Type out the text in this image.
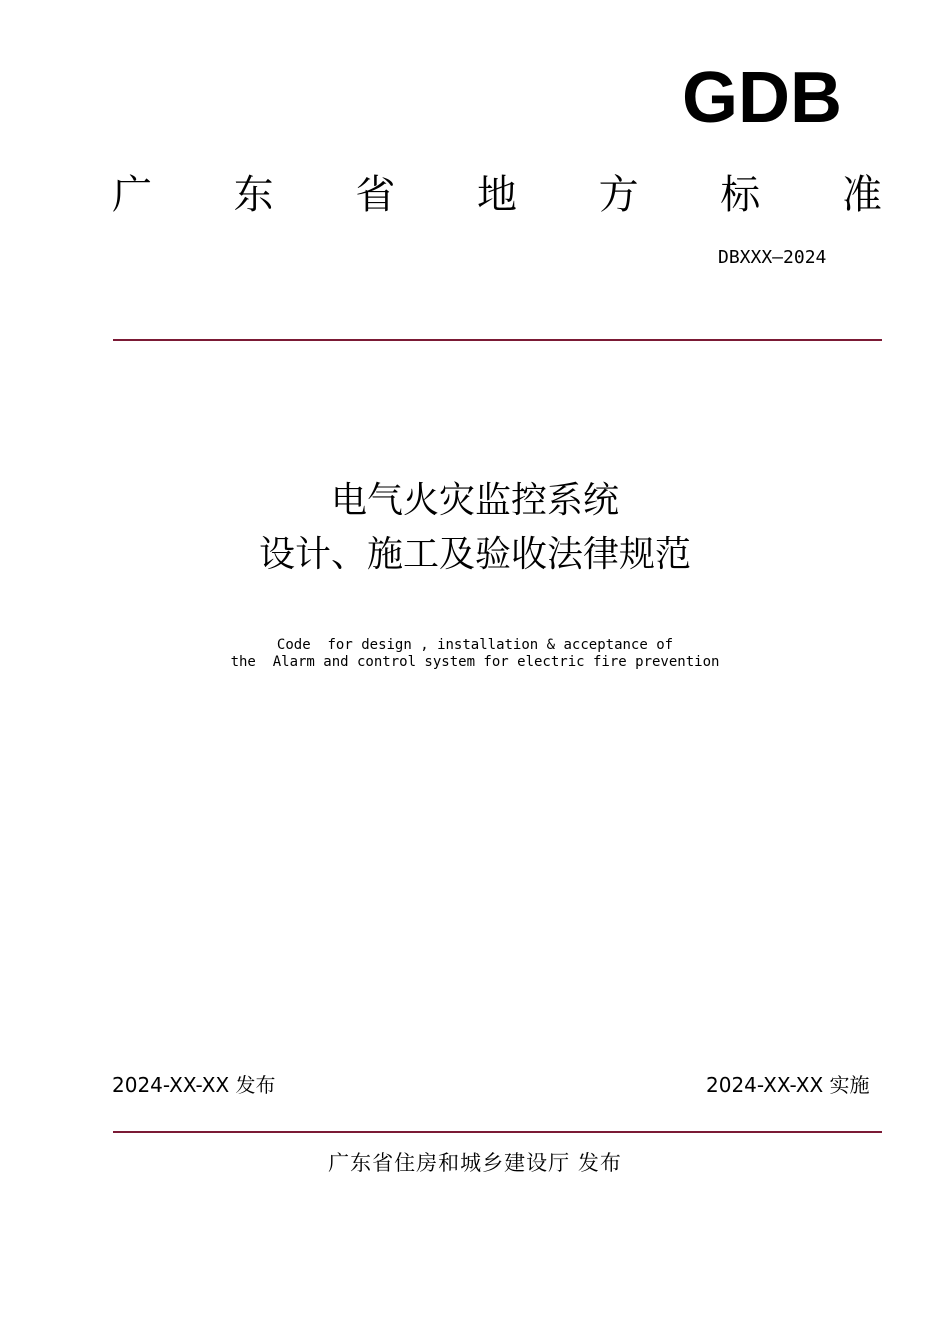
GDB
广 东 省 地 方 标 准
DBXXX—2024
电气火灾监控系统
设计、施工及验收法律规范
Code  for design , installation & acceptance of
the  Alarm and control system for electric fire prevention
2024-XX-XX 发布	2024-XX-XX 实施
广东省住房和城乡建设厅 发布
